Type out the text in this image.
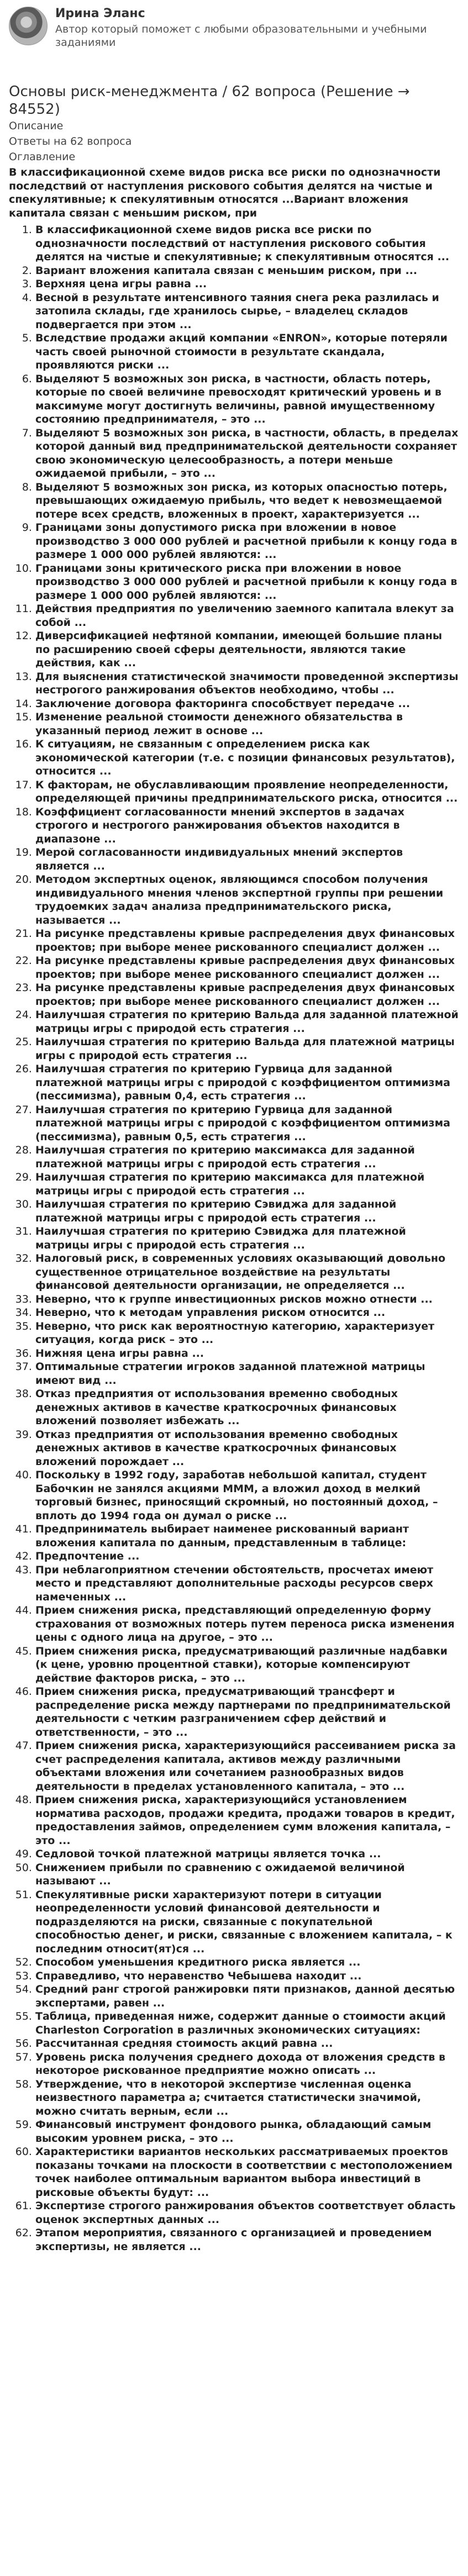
Ирина Эланс
Автор который поможет с любыми образовательными и учебными заданиями
Основы риск-менеджмента / 62 вопроса (Решение → 84552)
Описание
Ответы на 62 вопроса
Оглавление
В классификационной схеме видов риска все риски по однозначности последствий от наступления рискового события делятся на чистые и спекулятивные; к спекулятивным относятся ...Вариант вложения капитала связан с меньшим риском, при
1. В классификационной схеме видов риска все риски по однозначности последствий от наступления рискового события делятся на чистые и спекулятивные; к спекулятивным относятся ...
2. Вариант вложения капитала связан с меньшим риском, при ...
3. Верхняя цена игры равна ...
4. Весной в результате интенсивного таяния снега река разлилась и затопила склады, где хранилось сырье, – владелец складов подвергается при этом ...
5. Вследствие продажи акций компании «ENRON», которые потеряли часть своей рыночной стоимости в результате скандала, проявляются риски ...
6. Выделяют 5 возможных зон риска, в частности, область потерь, которые по своей величине превосходят критический уровень и в максимуме могут достигнуть величины, равной имущественному состоянию предпринимателя, – это ...
7. Выделяют 5 возможных зон риска, в частности, область, в пределах которой данный вид предпринимательской деятельности сохраняет свою экономическую целесообразность, а потери меньше ожидаемой прибыли, – это ...
8. Выделяют 5 возможных зон риска, из которых опасностью потерь, превышающих ожидаемую прибыль, что ведет к невозмещаемой потере всех средств, вложенных в проект, характеризуется ...
9. Границами зоны допустимого риска при вложении в новое производство 3 000 000 рублей и расчетной прибыли к концу года в размере 1 000 000 рублей являются: ...
10. Границами зоны критического риска при вложении в новое производство 3 000 000 рублей и расчетной прибыли к концу года в размере 1 000 000 рублей являются: ...
11. Действия предприятия по увеличению заемного капитала влекут за собой ...
12. Диверсификацией нефтяной компании, имеющей большие планы по расширению своей сферы деятельности, являются такие действия, как ...
13. Для выяснения статистической значимости проведенной экспертизы нестрогого ранжирования объектов необходимо, чтобы ...
14. Заключение договора факторинга способствует передаче ...
15. Изменение реальной стоимости денежного обязательства в указанный период лежит в основе ...
16. К ситуациям, не связанным с определением риска как экономической категории (т.е. с позиции финансовых результатов), относится ...
17. К факторам, не обуславливающим проявление неопределенности, определяющей причины предпринимательского риска, относится ...
18. Коэффициент согласованности мнений экспертов в задачах строгого и нестрогого ранжирования объектов находится в диапазоне ...
19. Мерой согласованности индивидуальных мнений экспертов является ...
20. Методом экспертных оценок, являющимся способом получения индивидуального мнения членов экспертной группы при решении трудоемких задач анализа предпринимательского риска, называется ...
21. На рисунке представлены кривые распределения двух финансовых проектов; при выборе менее рискованного специалист должен ...
22. На рисунке представлены кривые распределения двух финансовых проектов; при выборе менее рискованного специалист должен ...
23. На рисунке представлены кривые распределения двух финансовых проектов; при выборе менее рискованного специалист должен ...
24. Наилучшая стратегия по критерию Вальда для заданной платежной матрицы игры с природой есть стратегия ...
25. Наилучшая стратегия по критерию Вальда для платежной матрицы игры с природой есть стратегия ...
26. Наилучшая стратегия по критерию Гурвица для заданной платежной матрицы игры с природой с коэффициентом оптимизма (пессимизма), равным 0,4, есть стратегия ...
27. Наилучшая стратегия по критерию Гурвица для заданной платежной матрицы игры с природой с коэффициентом оптимизма (пессимизма), равным 0,5, есть стратегия ...
28. Наилучшая стратегия по критерию максимакса для заданной платежной матрицы игры с природой есть стратегия ...
29. Наилучшая стратегия по критерию максимакса для платежной матрицы игры с природой есть стратегия ...
30. Наилучшая стратегия по критерию Сэвиджа для заданной платежной матрицы игры с природой есть стратегия ...
31. Наилучшая стратегия по критерию Сэвиджа для платежной матрицы игры с природой есть стратегия ...
32. Налоговый риск, в современных условиях оказывающий довольно существенное отрицательное воздействие на результаты финансовой деятельности организации, не определяется ...
33. Неверно, что к группе инвестиционных рисков можно отнести ...
34. Неверно, что к методам управления риском относится ...
35. Неверно, что риск как вероятностную категорию, характеризует ситуация, когда риск – это ...
36. Нижняя цена игры равна ...
37. Оптимальные стратегии игроков заданной платежной матрицы имеют вид ...
38. Отказ предприятия от использования временно свободных денежных активов в качестве краткосрочных финансовых вложений позволяет избежать ...
39. Отказ предприятия от использования временно свободных денежных активов в качестве краткосрочных финансовых вложений порождает ...
40. Поскольку в 1992 году, заработав небольшой капитал, студент Бабочкин не занялся акциями МММ, а вложил доход в мелкий торговый бизнес, приносящий скромный, но постоянный доход, – вплоть до 1994 года он думал о риске ...
41. Предприниматель выбирает наименее рискованный вариант вложения капитала по данным, представленным в таблице:
42. Предпочтение ...
43. При неблагоприятном стечении обстоятельств, просчетах имеют место и представляют дополнительные расходы ресурсов сверх намеченных ...
44. Прием снижения риска, представляющий определенную форму страхования от возможных потерь путем переноса риска изменения цены с одного лица на другое, – это ...
45. Прием снижения риска, предусматривающий различные надбавки (к цене, уровню процентной ставки), которые компенсируют действие факторов риска, – это ...
46. Прием снижения риска, предусматривающий трансферт и распределение риска между партнерами по предпринимательской деятельности с четким разграничением сфер действий и ответственности, – это ...
47. Прием снижения риска, характеризующийся рассеиванием риска за счет распределения капитала, активов между различными объектами вложения или сочетанием разнообразных видов деятельности в пределах установленного капитала, – это ...
48. Прием снижения риска, характеризующийся установлением норматива расходов, продажи кредита, продажи товаров в кредит, предоставления займов, определением сумм вложения капитала, – это ...
49. Седловой точкой платежной матрицы является точка ...
50. Снижением прибыли по сравнению с ожидаемой величиной называют ...
51. Спекулятивные риски характеризуют потери в ситуации неопределенности условий финансовой деятельности и подразделяются на риски, связанные с покупательной способностью денег, и риски, связанные с вложением капитала, – к последним относит(ят)ся ...
52. Способом уменьшения кредитного риска является ...
53. Справедливо, что неравенство Чебышева находит ...
54. Средний ранг строгой ранжировки пяти признаков, данной десятью экспертами, равен ...
55. Таблица, приведенная ниже, содержит данные о стоимости акций Charleston Corporation в различных экономических ситуациях:
56. Рассчитанная средняя стоимость акций равна ...
57. Уровень риска получения среднего дохода от вложения средств в некоторое рискованное предприятие можно описать ...
58. Утверждение, что в некоторой экспертизе численная оценка неизвестного параметра а; считается статистически значимой, можно считать верным, если ...
59. Финансовый инструмент фондового рынка, обладающий самым высоким уровнем риска, – это ...
60. Характеристики вариантов нескольких рассматриваемых проектов показаны точками на плоскости в соответствии с местоположением точек наиболее оптимальным вариантом выбора инвестиций в рисковые объекты будут: ...
61. Экспертизе строгого ранжирования объектов соответствует область оценок экспертных данных ...
62. Этапом мероприятия, связанного с организацией и проведением экспертизы, не является ...
